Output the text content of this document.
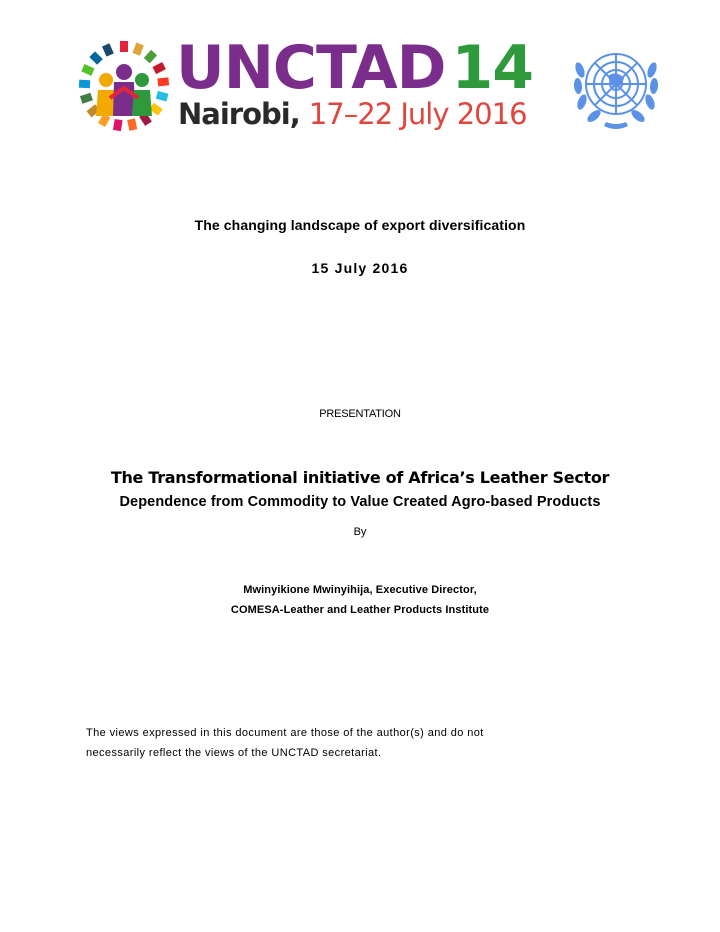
UNCTAD 14
Nairobi, 17–22 July 2016
The changing landscape of export diversification
15 July 2016
PRESENTATION
The Transformational initiative of Africa’s Leather Sector
Dependence from Commodity to Value Created Agro-based Products
By
Mwinyikione Mwinyihija, Executive Director,
COMESA-Leather and Leather Products Institute
The views expressed in this document are those of the author(s) and do not
necessarily reflect the views of the UNCTAD secretariat.
